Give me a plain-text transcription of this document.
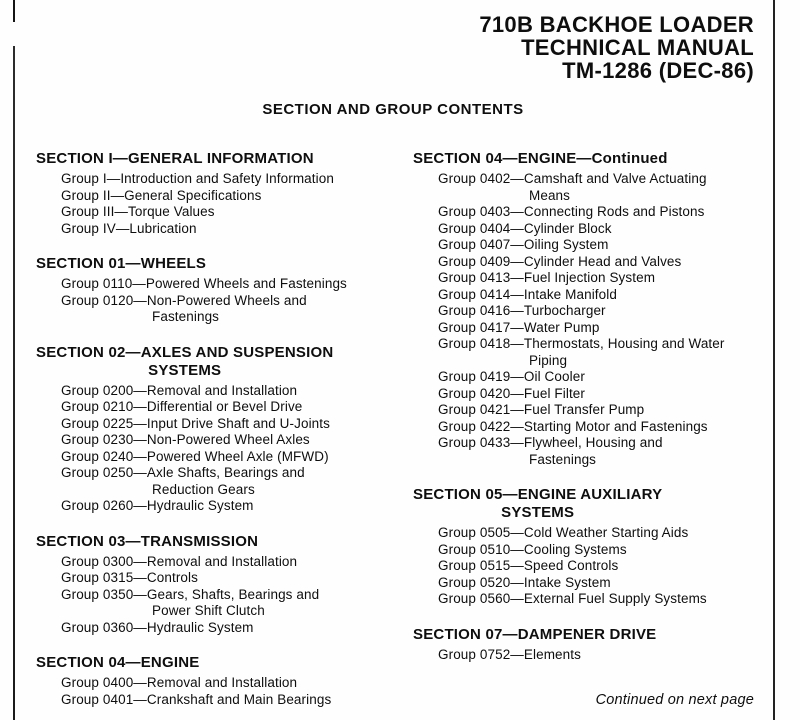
710B BACKHOE LOADER
TECHNICAL MANUAL
TM-1286 (DEC-86)
SECTION AND GROUP CONTENTS
SECTION I—GENERAL INFORMATION
Group I—Introduction and Safety Information
Group II—General Specifications
Group III—Torque Values
Group IV—Lubrication
SECTION 01—WHEELS
Group 0110—Powered Wheels and Fastenings
Group 0120—Non-Powered Wheels and
Fastenings
SECTION 02—AXLES AND SUSPENSION
SYSTEMS
Group 0200—Removal and Installation
Group 0210—Differential or Bevel Drive
Group 0225—Input Drive Shaft and U-Joints
Group 0230—Non-Powered Wheel Axles
Group 0240—Powered Wheel Axle (MFWD)
Group 0250—Axle Shafts, Bearings and
Reduction Gears
Group 0260—Hydraulic System
SECTION 03—TRANSMISSION
Group 0300—Removal and Installation
Group 0315—Controls
Group 0350—Gears, Shafts, Bearings and
Power Shift Clutch
Group 0360—Hydraulic System
SECTION 04—ENGINE
Group 0400—Removal and Installation
Group 0401—Crankshaft and Main Bearings
SECTION 04—ENGINE—Continued
Group 0402—Camshaft and Valve Actuating
Means
Group 0403—Connecting Rods and Pistons
Group 0404—Cylinder Block
Group 0407—Oiling System
Group 0409—Cylinder Head and Valves
Group 0413—Fuel Injection System
Group 0414—Intake Manifold
Group 0416—Turbocharger
Group 0417—Water Pump
Group 0418—Thermostats, Housing and Water
Piping
Group 0419—Oil Cooler
Group 0420—Fuel Filter
Group 0421—Fuel Transfer Pump
Group 0422—Starting Motor and Fastenings
Group 0433—Flywheel, Housing and
Fastenings
SECTION 05—ENGINE AUXILIARY
SYSTEMS
Group 0505—Cold Weather Starting Aids
Group 0510—Cooling Systems
Group 0515—Speed Controls
Group 0520—Intake System
Group 0560—External Fuel Supply Systems
SECTION 07—DAMPENER DRIVE
Group 0752—Elements
Continued on next page
